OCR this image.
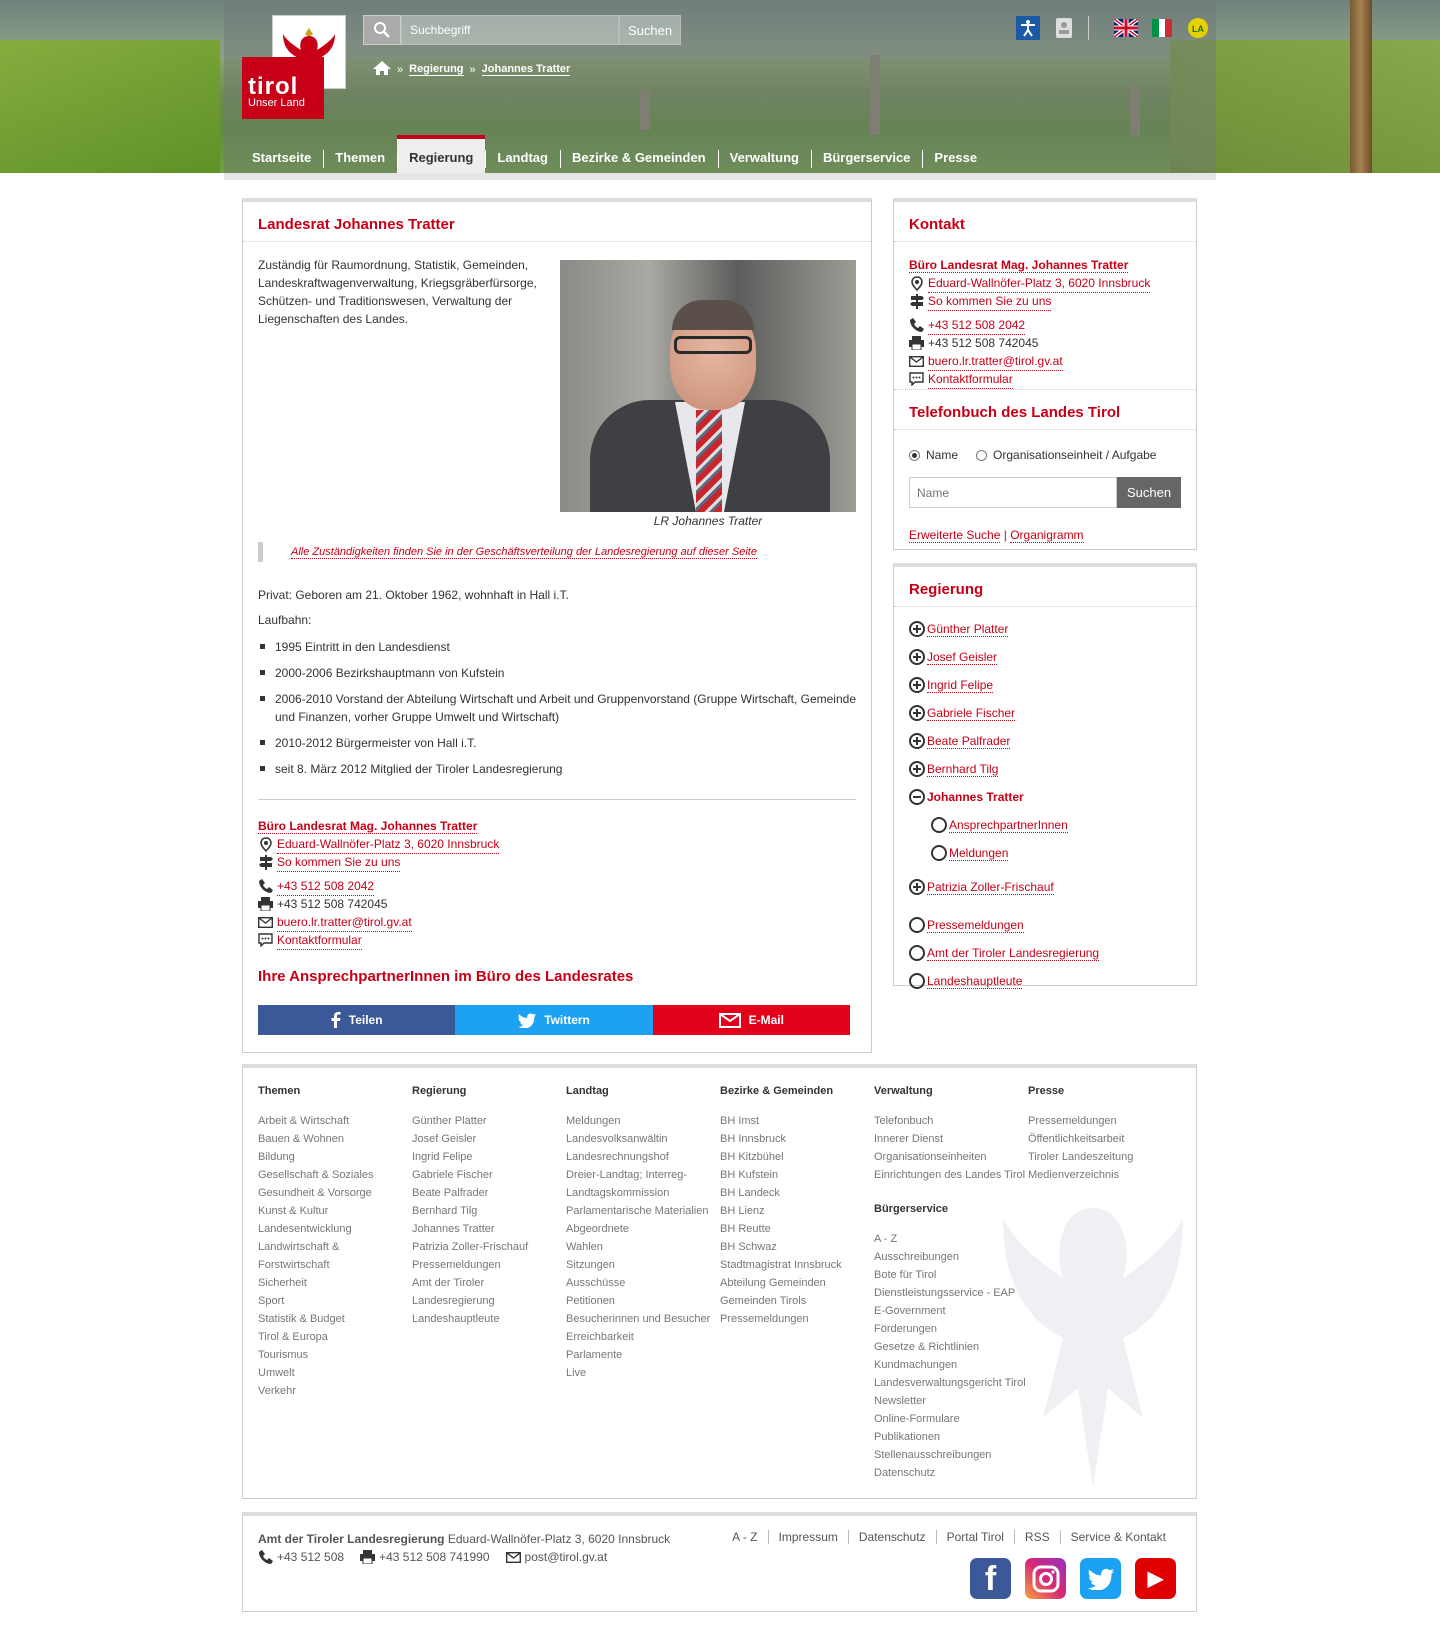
tirol
Unser Land
Suchbegriff
Suchen
» Regierung » Johannes Tratter
LA
Startseite	Themen	Regierung	Landtag	Bezirke & Gemeinden	Verwaltung	Bürgerservice	Presse
Landesrat Johannes Tratter
Zuständig für Raumordnung, Statistik, Gemeinden, Landeskraftwagenverwaltung, Kriegsgräberfürsorge, Schützen- und Traditionswesen, Verwaltung der Liegenschaften des Landes.
LR Johannes Tratter
Alle Zuständigkeiten finden Sie in der Geschäftsverteilung der Landesregierung auf dieser Seite
Privat: Geboren am 21. Oktober 1962, wohnhaft in Hall i.T.
Laufbahn:
1995 Eintritt in den Landesdienst
2000-2006 Bezirkshauptmann von Kufstein
2006-2010 Vorstand der Abteilung Wirtschaft und Arbeit und Gruppenvorstand (Gruppe Wirtschaft, Gemeinde und Finanzen, vorher Gruppe Umwelt und Wirtschaft)
2010-2012 Bürgermeister von Hall i.T.
seit 8. März 2012 Mitglied der Tiroler Landesregierung
Büro Landesrat Mag. Johannes Tratter
Eduard-Wallnöfer-Platz 3, 6020 Innsbruck
So kommen Sie zu uns
+43 512 508 2042
+43 512 508 742045
buero.lr.tratter@tirol.gv.at
Kontaktformular
Ihre AnsprechpartnerInnen im Büro des Landesrates
Teilen	Twittern	E-Mail
Kontakt
Büro Landesrat Mag. Johannes Tratter
Eduard-Wallnöfer-Platz 3, 6020 Innsbruck
So kommen Sie zu uns
+43 512 508 2042
+43 512 508 742045
buero.lr.tratter@tirol.gv.at
Kontaktformular
Telefonbuch des Landes Tirol
Name	Organisationseinheit / Aufgabe
Name
Suchen
Erweiterte Suche | Organigramm
Regierung
Günther Platter
Josef Geisler
Ingrid Felipe
Gabriele Fischer
Beate Palfrader
Bernhard Tilg
Johannes Tratter
AnsprechpartnerInnen
Meldungen
Patrizia Zoller-Frischauf
Pressemeldungen
Amt der Tiroler Landesregierung
Landeshauptleute
Themen
Arbeit & Wirtschaft
Bauen & Wohnen
Bildung
Gesellschaft & Soziales
Gesundheit & Vorsorge
Kunst & Kultur
Landesentwicklung
Landwirtschaft &
Forstwirtschaft
Sicherheit
Sport
Statistik & Budget
Tirol & Europa
Tourismus
Umwelt
Verkehr
Regierung
Günther Platter
Josef Geisler
Ingrid Felipe
Gabriele Fischer
Beate Palfrader
Bernhard Tilg
Johannes Tratter
Patrizia Zoller-Frischauf
Pressemeldungen
Amt der Tiroler
Landesregierung
Landeshauptleute
Landtag
Meldungen
Landesvolksanwältin
Landesrechnungshof
Dreier-Landtag; Interreg-
Landtagskommission
Parlamentarische Materialien
Abgeordnete
Wahlen
Sitzungen
Ausschüsse
Petitionen
Besucherinnen und Besucher
Erreichbarkeit
Parlamente
Live
Bezirke & Gemeinden
BH Imst
BH Innsbruck
BH Kitzbühel
BH Kufstein
BH Landeck
BH Lienz
BH Reutte
BH Schwaz
Stadtmagistrat Innsbruck
Abteilung Gemeinden
Gemeinden Tirols
Pressemeldungen
Verwaltung
Telefonbuch
Innerer Dienst
Organisationseinheiten
Einrichtungen des Landes Tirol
Bürgerservice
A - Z
Ausschreibungen
Bote für Tirol
Dienstleistungsservice - EAP
E-Government
Förderungen
Gesetze & Richtlinien
Kundmachungen
Landesverwaltungsgericht Tirol
Newsletter
Online-Formulare
Publikationen
Stellenausschreibungen
Datenschutz
Presse
Pressemeldungen
Öffentlichkeitsarbeit
Tiroler Landeszeitung
Medienverzeichnis
Amt der Tiroler Landesregierung Eduard-Wallnöfer-Platz 3, 6020 Innsbruck
+43 512 508	+43 512 508 741990	post@tirol.gv.at
A - Z	Impressum	Datenschutz	Portal Tirol	RSS	Service & Kontakt
f	▶
